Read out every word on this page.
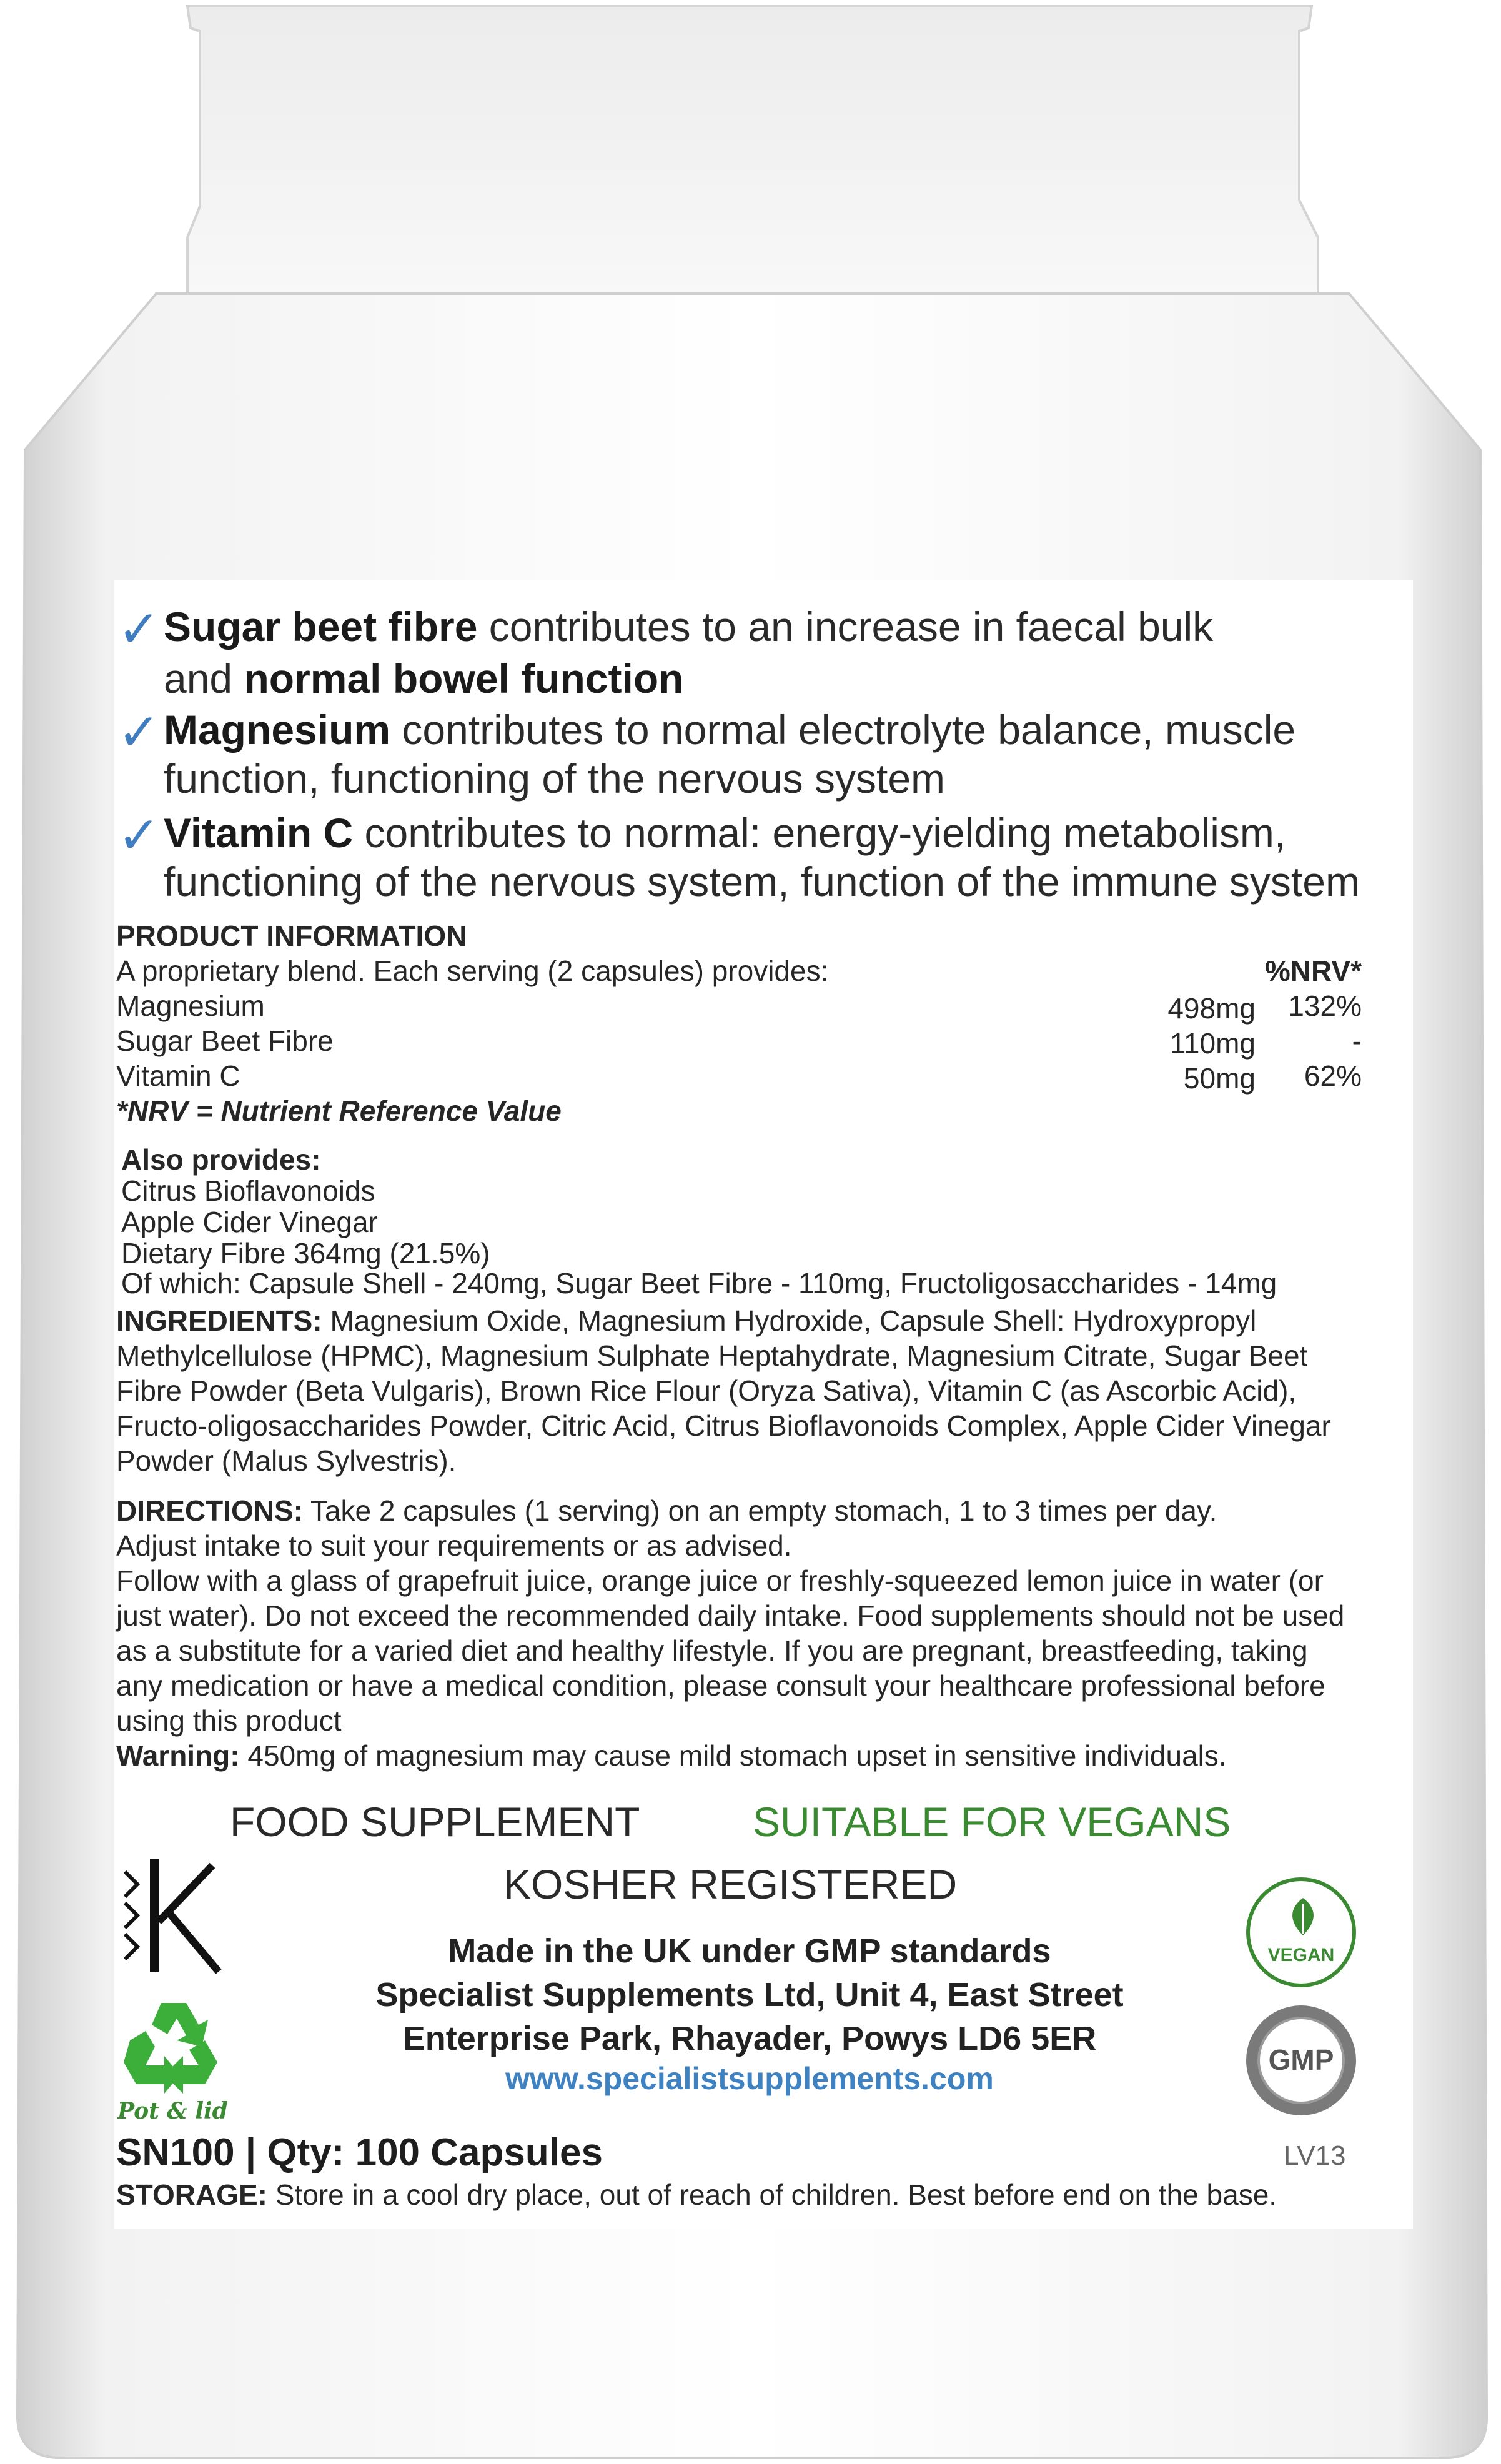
✓ Sugar beet fibre contributes to an increase in faecal bulk
and normal bowel function
✓ Magnesium contributes to normal electrolyte balance, muscle
function, functioning of the nervous system
✓ Vitamin C contributes to normal: energy-yielding metabolism,
functioning of the nervous system, function of the immune system
PRODUCT INFORMATION
A proprietary blend. Each serving (2 capsules) provides:	%NRV*
Magnesium	498mg	132%
Sugar Beet Fibre	110mg	-
Vitamin C	50mg	62%
*NRV = Nutrient Reference Value
Also provides:
Citrus Bioflavonoids
Apple Cider Vinegar
Dietary Fibre 364mg (21.5%)
Of which: Capsule Shell - 240mg, Sugar Beet Fibre - 110mg, Fructoligosaccharides - 14mg
INGREDIENTS: Magnesium Oxide, Magnesium Hydroxide, Capsule Shell: Hydroxypropyl Methylcellulose (HPMC), Magnesium Sulphate Heptahydrate, Magnesium Citrate, Sugar Beet Fibre Powder (Beta Vulgaris), Brown Rice Flour (Oryza Sativa), Vitamin C (as Ascorbic Acid), Fructo-oligosaccharides Powder, Citric Acid, Citrus Bioflavonoids Complex, Apple Cider Vinegar Powder (Malus Sylvestris).
DIRECTIONS: Take 2 capsules (1 serving) on an empty stomach, 1 to 3 times per day.
Adjust intake to suit your requirements or as advised.
Follow with a glass of grapefruit juice, orange juice or freshly-squeezed lemon juice in water (or just water). Do not exceed the recommended daily intake. Food supplements should not be used as a substitute for a varied diet and healthy lifestyle. If you are pregnant, breastfeeding, taking any medication or have a medical condition, please consult your healthcare professional before using this product
Warning: 450mg of magnesium may cause mild stomach upset in sensitive individuals.
FOOD SUPPLEMENT	SUITABLE FOR VEGANS
KOSHER REGISTERED
Pot & lid
Made in the UK under GMP standards
Specialist Supplements Ltd, Unit 4, East Street
Enterprise Park, Rhayader, Powys LD6 5ER
www.specialistsupplements.com
VEGAN
GMP
SN100 | Qty: 100 Capsules	LV13
STORAGE: Store in a cool dry place, out of reach of children. Best before end on the base.
